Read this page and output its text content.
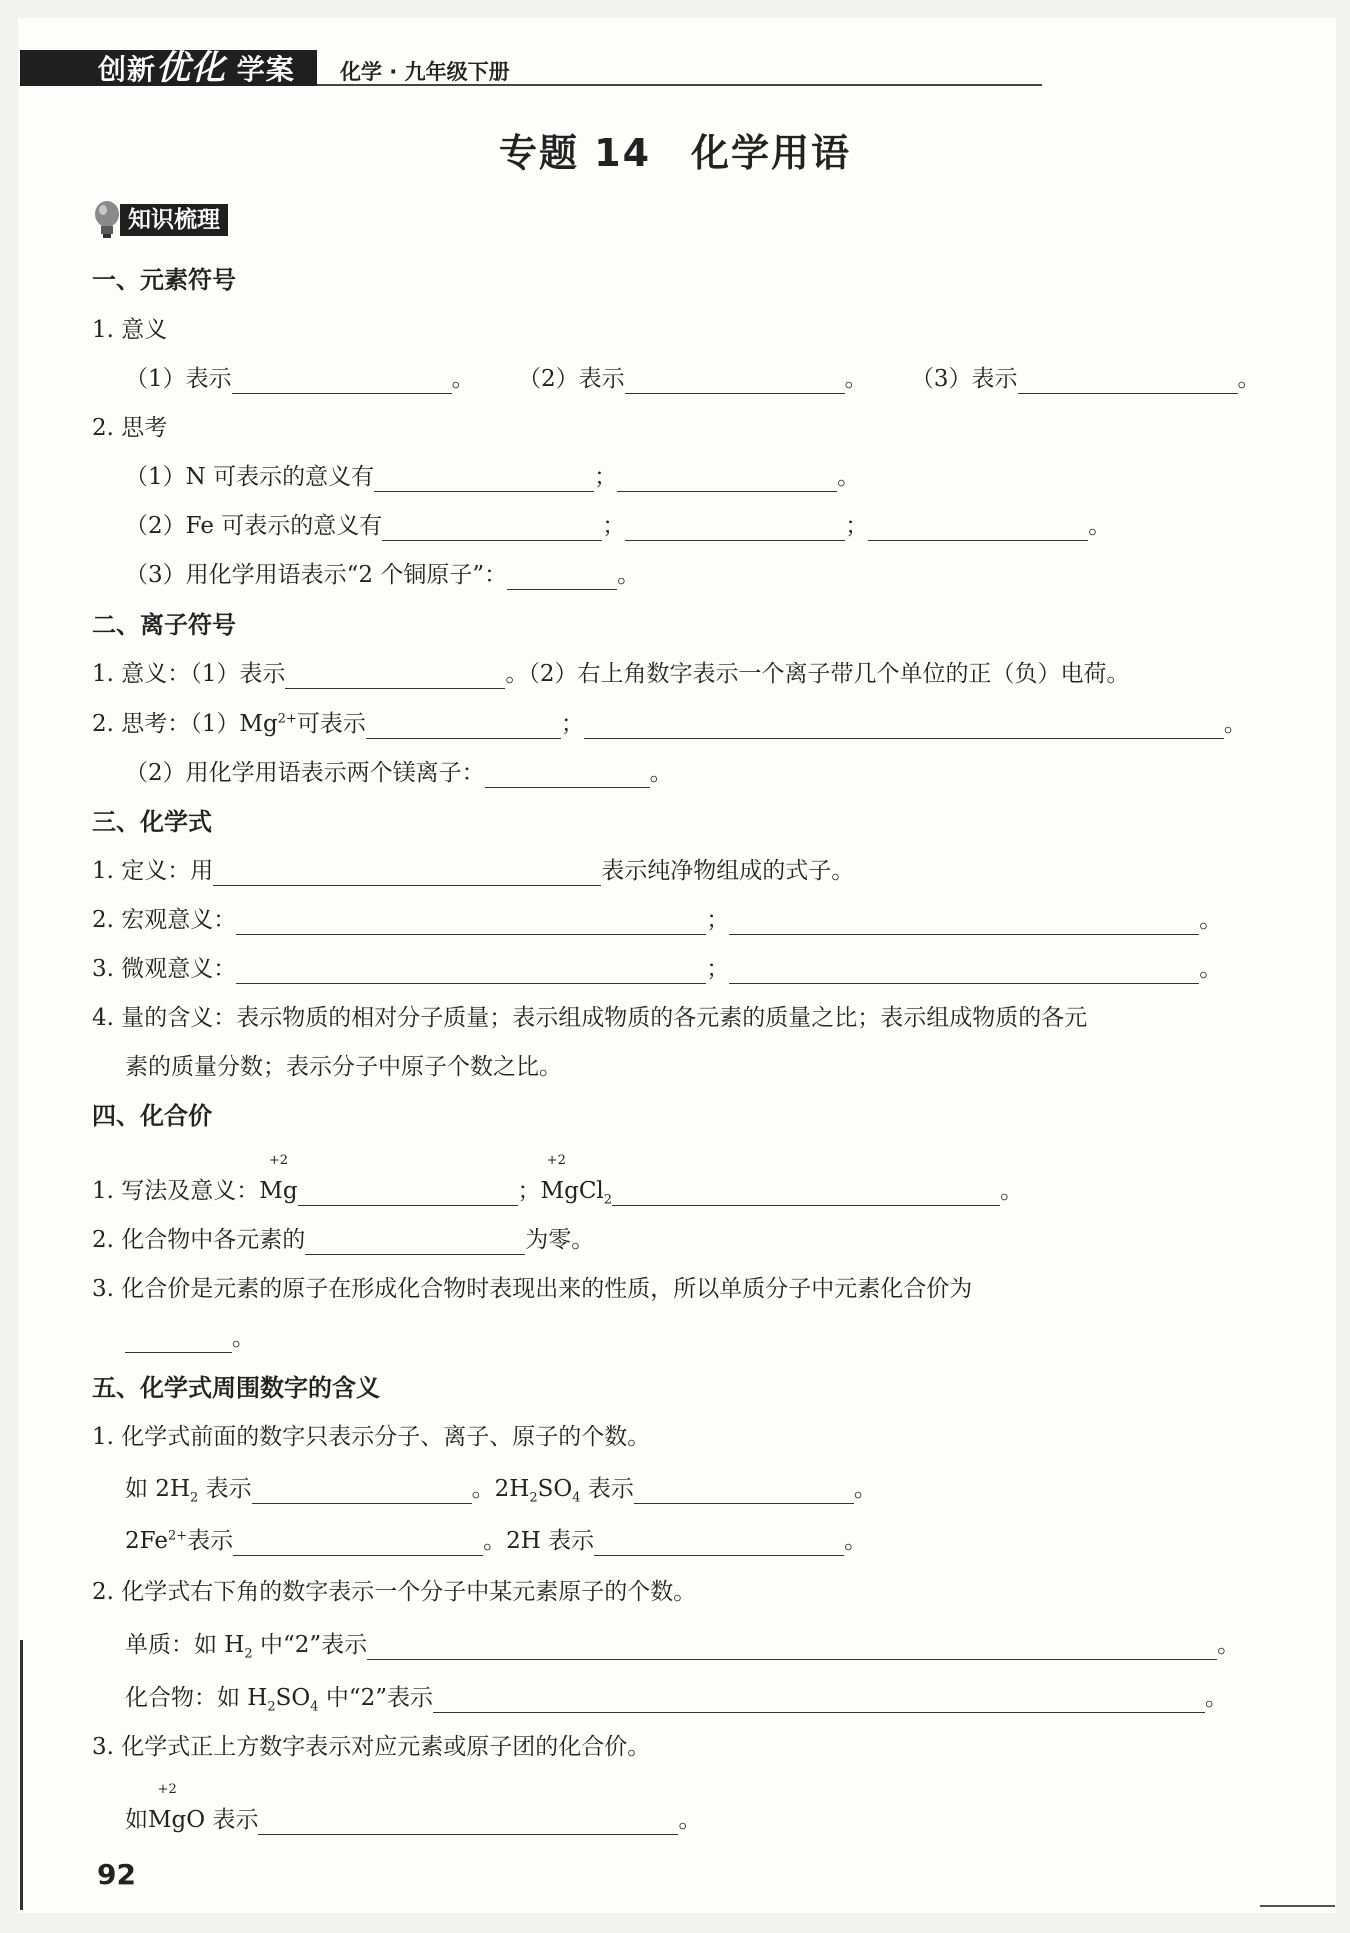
创新优化 学案 化学 · 九年级下册
专题 14　化学用语
知识梳理
一、元素符号
1. 意义
（1）表示	。 （2）表示	。 （3）表示	。
2. 思考
（1）N 可表示的意义有	；	。
（2）Fe 可表示的意义有	；	；	。
（3）用化学用语表示“2 个铜原子”：	。
二、离子符号
1. 意义：（1）表示	。（2）右上角数字表示一个离子带几个单位的正（负）电荷。
2. 思考：$(1)Mg^{2+}$可表示	；	。
（2）用化学用语表示两个镁离子：	。
三、化学式
1. 定义：用	表示纯净物组成的式子。
2. 宏观意义：	；	。
3. 微观意义：	；	。
4. 量的含义：表示物质的相对分子质量；表示组成物质的各元素的质量之比；表示组成物质的各元
素的质量分数；表示分子中原子个数之比。
四、化合价
1. 写法及意义：
+2
Mg	；
+2
MgCl$_2$	。
2. 化合物中各元素的	为零。
3. 化合价是元素的原子在形成化合物时表现出来的性质，所以单质分子中元素化合价为
。
五、化学式周围数字的含义
1. 化学式前面的数字只表示分子、离子、原子的个数。
如 $2H_2$ 表示	。$2H_2SO_4$ 表示	。
$2Fe^{2+}$表示	。2H 表示	。
2. 化学式右下角的数字表示一个分子中某元素原子的个数。
单质：如 $H_2$ 中“2”表示	。
化合物：如 $H_2SO_4$ 中“2”表示	。
3. 化学式正上方数字表示对应元素或原子团的化合价。
如
+2
MgO 表示	。
92
